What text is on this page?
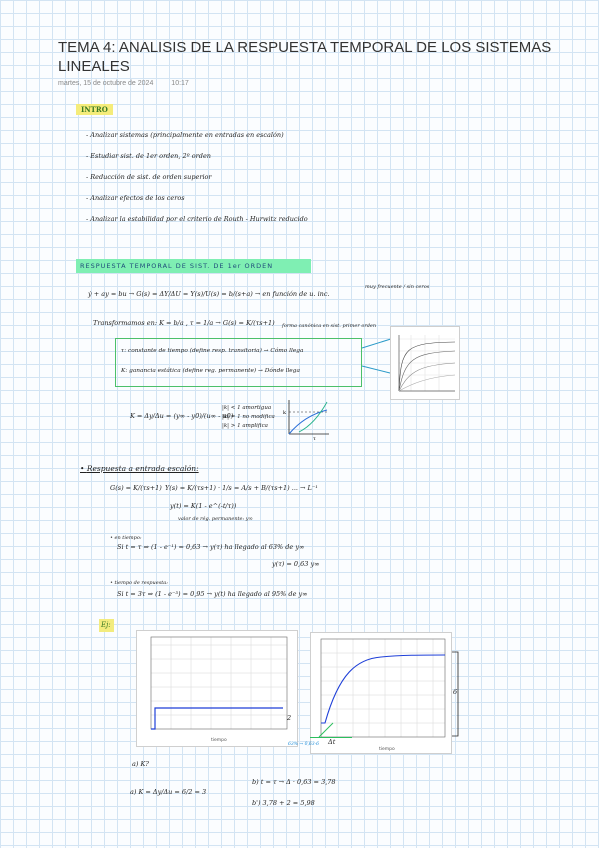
TEMA 4: ANALISIS DE LA RESPUESTA TEMPORAL DE LOS SISTEMAS LINEALES
martes, 15 de octubre de 2024	10:17
INTRO
- Analizar sistemas (principalmente en entradas en escalón)
- Estudiar sist. de 1er orden, 2º orden
- Reducción de sist. de orden superior
- Analizar efectos de los ceros
- Analizar la estabilidad por el criterio de Routh - Hurwitz reducido
RESPUESTA TEMPORAL DE SIST. DE 1er ORDEN
ẏ + ay = bu → G(s) = ΔY/ΔU = Y(s)/U(s) = b/(s+a) → en función de u. inc.
muy frecuente / sin ceros
Transformamos en: K = b/a , τ = 1/a → G(s) = K/(τs+1) forma canónica en sist. primer orden
τ: constante de tiempo (define resp. transitoria) → Cómo llega
K: ganancia estática (define reg. permanente) → Dónde llega
K = Δy/Δu = (y∞ - y0)/(u∞ - u0)
|k| < 1 amortigua
|k| = 1 no modifica
|k| > 1 amplifica
k
τ
• Respuesta a entrada escalón:
G(s) = K/(τs+1) Y(s) = K/(τs+1) · 1/s = A/s + B/(τs+1) ... → L⁻¹
y(t) = K(1 - e^(-t/τ))
valor de rég. permanente: y∞
• en tiempo:
Si t = τ ⇒ (1 - e⁻¹) = 0,63 → y(τ) ha llegado al 63% de y∞
y(τ) = 0,63 y∞
• tiempo de respuesta:
Si t = 3τ ⇒ (1 - e⁻³) = 0,95 → y(t) ha llegado al 95% de y∞
Ej:
tiempo
2
tiempo
6
Δt
63% → 0,63·6
a) K?
a) K = Δy/Δu = 6/2 = 3
b) t = τ → Δ · 0,63 = 3,78
b') 3,78 + 2 = 5,98
